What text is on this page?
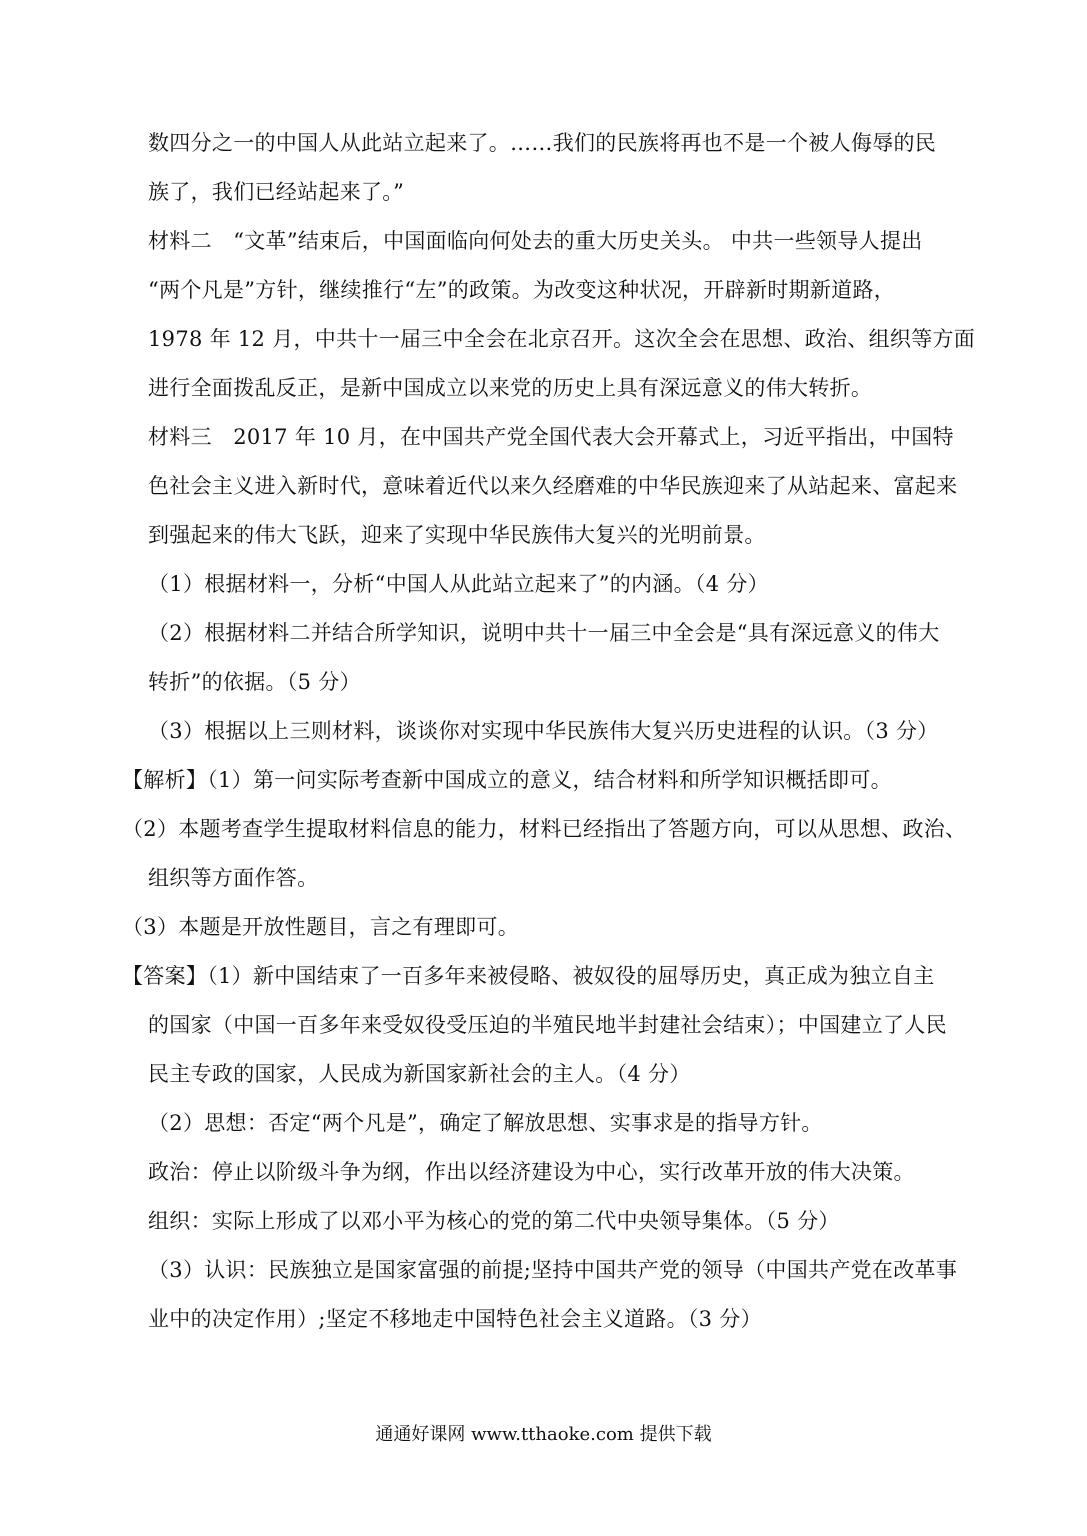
数四分之一的中国人从此站立起来了。……我们的民族将再也不是一个被人侮辱的民
族了，我们已经站起来了。”
材料二　“文革”结束后，中国面临向何处去的重大历史关头。 中共一些领导人提出
“两个凡是”方针，继续推行“左”的政策。为改变这种状况，开辟新时期新道路，
1978 年 12 月，中共十一届三中全会在北京召开。这次全会在思想、政治、组织等方面
进行全面拨乱反正，是新中国成立以来党的历史上具有深远意义的伟大转折。
材料三　2017 年 10 月，在中国共产党全国代表大会开幕式上，习近平指出，中国特
色社会主义进入新时代，意味着近代以来久经磨难的中华民族迎来了从站起来、富起来
到强起来的伟大飞跃，迎来了实现中华民族伟大复兴的光明前景。
（1）根据材料一，分析“中国人从此站立起来了”的内涵。（4 分）
（2）根据材料二并结合所学知识，说明中共十一届三中全会是“具有深远意义的伟大
转折”的依据。（5 分）
（3）根据以上三则材料，谈谈你对实现中华民族伟大复兴历史进程的认识。（3 分）
【解析】（1）第一问实际考查新中国成立的意义，结合材料和所学知识概括即可。
（2）本题考查学生提取材料信息的能力，材料已经指出了答题方向，可以从思想、政治、
组织等方面作答。
（3）本题是开放性题目，言之有理即可。
【答案】（1）新中国结束了一百多年来被侵略、被奴役的屈辱历史，真正成为独立自主
的国家（中国一百多年来受奴役受压迫的半殖民地半封建社会结束）；中国建立了人民
民主专政的国家，人民成为新国家新社会的主人。（4 分）
（2）思想：否定“两个凡是”，确定了解放思想、实事求是的指导方针。
政治：停止以阶级斗争为纲，作出以经济建设为中心，实行改革开放的伟大决策。
组织：实际上形成了以邓小平为核心的党的第二代中央领导集体。（5 分）
（3）认识：民族独立是国家富强的前提;坚持中国共产党的领导（中国共产党在改革事
业中的决定作用）;坚定不移地走中国特色社会主义道路。（3 分）
通通好课网 www.tthaoke.com 提供下载
